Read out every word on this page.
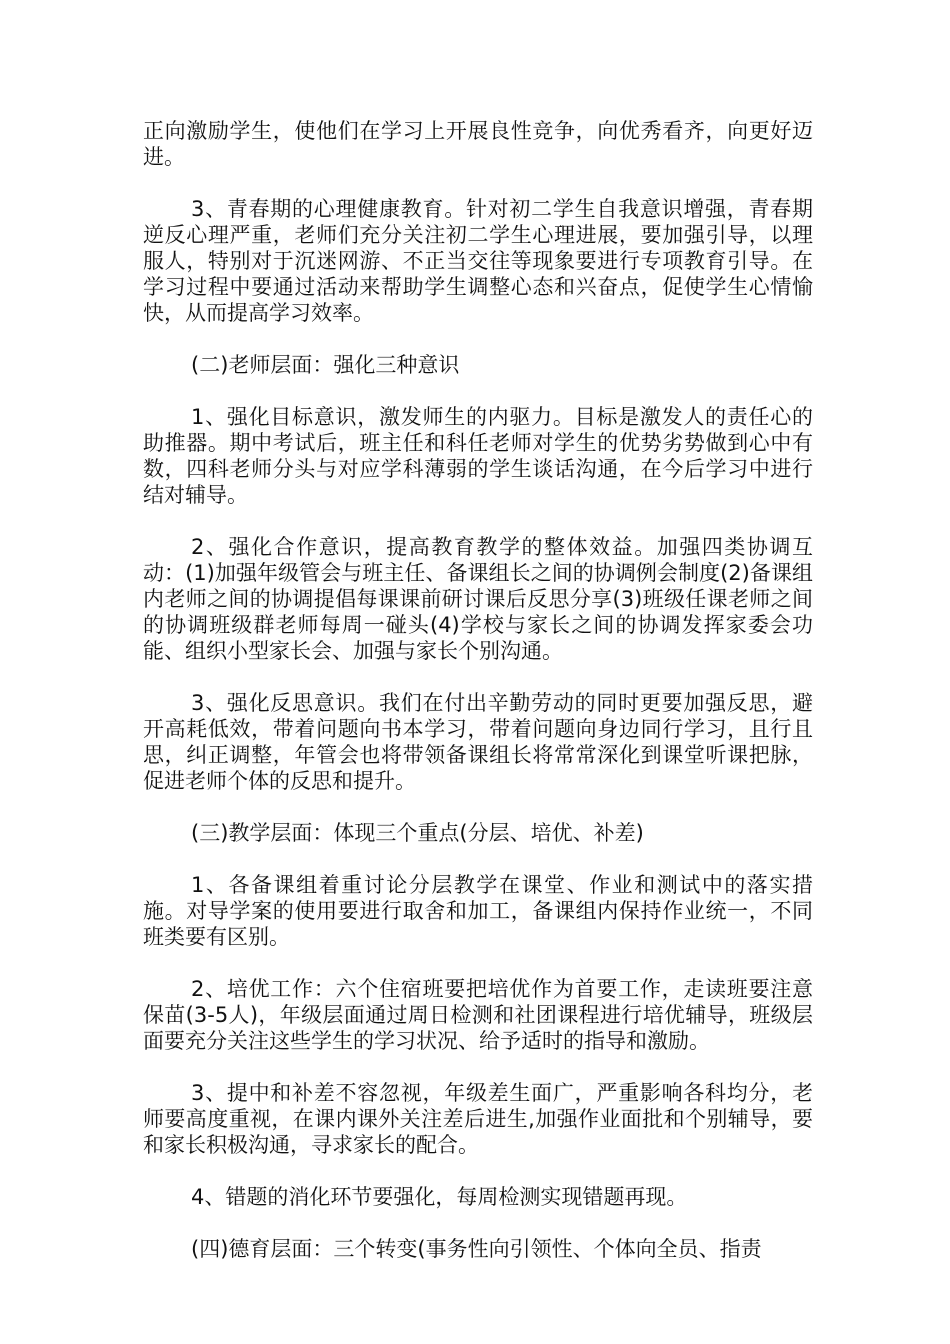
正向激励学生，使他们在学习上开展良性竞争，向优秀看齐，向更好迈进。

3、青春期的心理健康教育。针对初二学生自我意识增强，青春期逆反心理严重，老师们充分关注初二学生心理进展，要加强引导，以理服人，特别对于沉迷网游、不正当交往等现象要进行专项教育引导。在学习过程中要通过活动来帮助学生调整心态和兴奋点，促使学生心情愉快，从而提高学习效率。

(二)老师层面：强化三种意识

1、强化目标意识，激发师生的内驱力。目标是激发人的责任心的助推器。期中考试后，班主任和科任老师对学生的优势劣势做到心中有数，四科老师分头与对应学科薄弱的学生谈话沟通，在今后学习中进行结对辅导。

2、强化合作意识，提高教育教学的整体效益。加强四类协调互动：(1)加强年级管会与班主任、备课组长之间的协调例会制度(2)备课组内老师之间的协调提倡每课课前研讨课后反思分享(3)班级任课老师之间的协调班级群老师每周一碰头(4)学校与家长之间的协调发挥家委会功能、组织小型家长会、加强与家长个别沟通。

3、强化反思意识。我们在付出辛勤劳动的同时更要加强反思，避开高耗低效，带着问题向书本学习，带着问题向身边同行学习，且行且思，纠正调整，年管会也将带领备课组长将常常深化到课堂听课把脉，促进老师个体的反思和提升。

(三)教学层面：体现三个重点(分层、培优、补差)

1、各备课组着重讨论分层教学在课堂、作业和测试中的落实措施。对导学案的使用要进行取舍和加工，备课组内保持作业统一，不同班类要有区别。

2、培优工作：六个住宿班要把培优作为首要工作，走读班要注意保苗(3-5人)，年级层面通过周日检测和社团课程进行培优辅导，班级层面要充分关注这些学生的学习状况、给予适时的指导和激励。

3、提中和补差不容忽视，年级差生面广，严重影响各科均分，老师要高度重视，在课内课外关注差后进生,加强作业面批和个别辅导，要和家长积极沟通，寻求家长的配合。

4、错题的消化环节要强化，每周检测实现错题再现。

(四)德育层面：三个转变(事务性向引领性、个体向全员、指责
